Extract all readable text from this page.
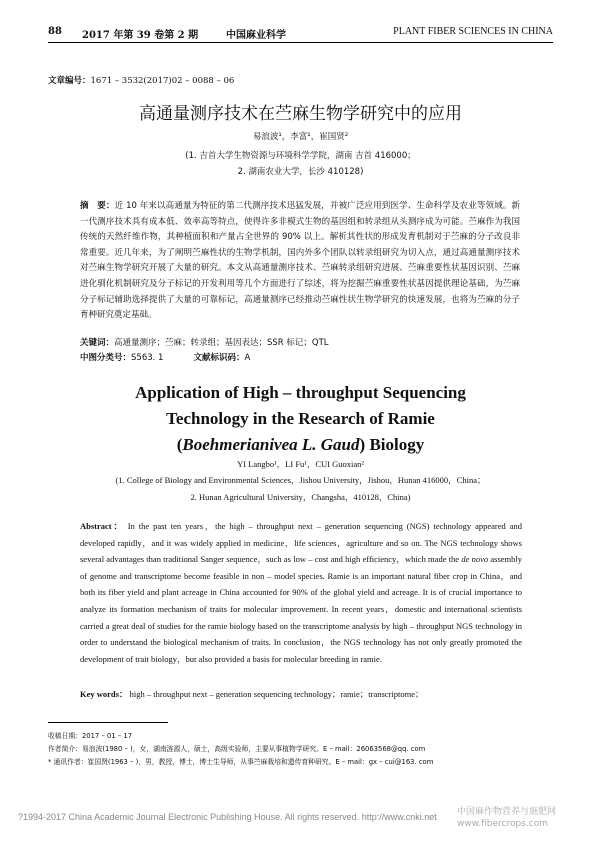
88 2017 年第 39 卷第 2 期	中国麻业科学	PLANT FIBER SCIENCES IN CHINA
文章编号：1671 – 3532(2017)02 – 0088 – 06
高通量测序技术在苎麻生物学研究中的应用
易浪波¹，李富¹，崔国贤²
(1. 吉首大学生物资源与环境科学学院，湖南 吉首 416000；
2. 湖南农业大学，长沙 410128)
摘　要：近 10 年来以高通量为特征的第二代测序技术迅猛发展，并被广泛应用到医学、生命科学及农业等领域。新一代测序技术具有成本低、效率高等特点，使得许多非模式生物的基因组和转录组从头测序成为可能。苎麻作为我国传统的天然纤维作物，其种植面积和产量占全世界的 90% 以上。解析其性状的形成发育机制对于苎麻的分子改良非常重要。近几年来，为了阐明苎麻性状的生物学机制，国内外多个团队以转录组研究为切入点，通过高通量测序技术对苎麻生物学研究开展了大量的研究。本文从高通量测序技术、苎麻转录组研究进展、苎麻重要性状基因识别、苎麻进化驯化机制研究及分子标记的开发利用等几个方面进行了综述，将为挖掘苎麻重要性状基因提供理论基础，为苎麻分子标记辅助选择提供了大量的可靠标记，高通量测序已经推动苎麻性状生物学研究的快速发展，也将为苎麻的分子育种研究奠定基础。
关键词：高通量测序；苎麻；转录组；基因表达；SSR 标记；QTL
中图分类号：S563. 1	文献标识码：A
Application of High – throughput Sequencing
Technology in the Research of Ramie
(Boehmerianivea L. Gaud) Biology
YI Langbo¹，LI Fu¹，CUI Guoxian²
(1. College of Biology and Environmental Sciences，Jishou University，Jishou，Hunan 416000，China；
2. Hunan Agricultural University，Changsha，410128，China)
Abstract： In the past ten years，the high – throughput next – generation sequencing (NGS) technology appeared and developed rapidly，and it was widely applied in medicine，life sciences，agriculture and so on. The NGS technology shows several advantages than traditional Sanger sequence，such as low – cost and high efficiency，which made the de novo assembly of genome and transcriptome become feasible in non – model species. Ramie is an important natural fiber crop in China，and both its fiber yield and plant acreage in China accounted for 90% of the global yield and acreage. It is of crucial importance to analyze its formation mechanism of traits for molecular improvement. In recent years，domestic and international scientists carried a great deal of studies for the ramie biology based on the transcriptome analysis by high – throughput NGS technology in order to understand the biological mechanism of traits. In conclusion，the NGS technology has not only greatly promoted the development of trait biology，but also provided a basis for molecular breeding in ramie.
Key words： high – throughput next – generation sequencing technology；ramie；transcriptome；
收稿日期：2017 – 01 – 17
作者简介：易浪波(1980 – )，女，湖南涟源人，硕士，高级实验师，主要从事植物学研究。E – mail：26063568@qq. com
* 通讯作者：崔国贤(1963 – )，男，教授，博士，博士生导师，从事苎麻栽培和遗传育种研究。E – mail：gx – cui@163. com
?1994-2017 China Academic Journal Electronic Publishing House. All rights reserved. http://www.cnki.net 中国麻作物营养与施肥网
www.fibercrops.com
